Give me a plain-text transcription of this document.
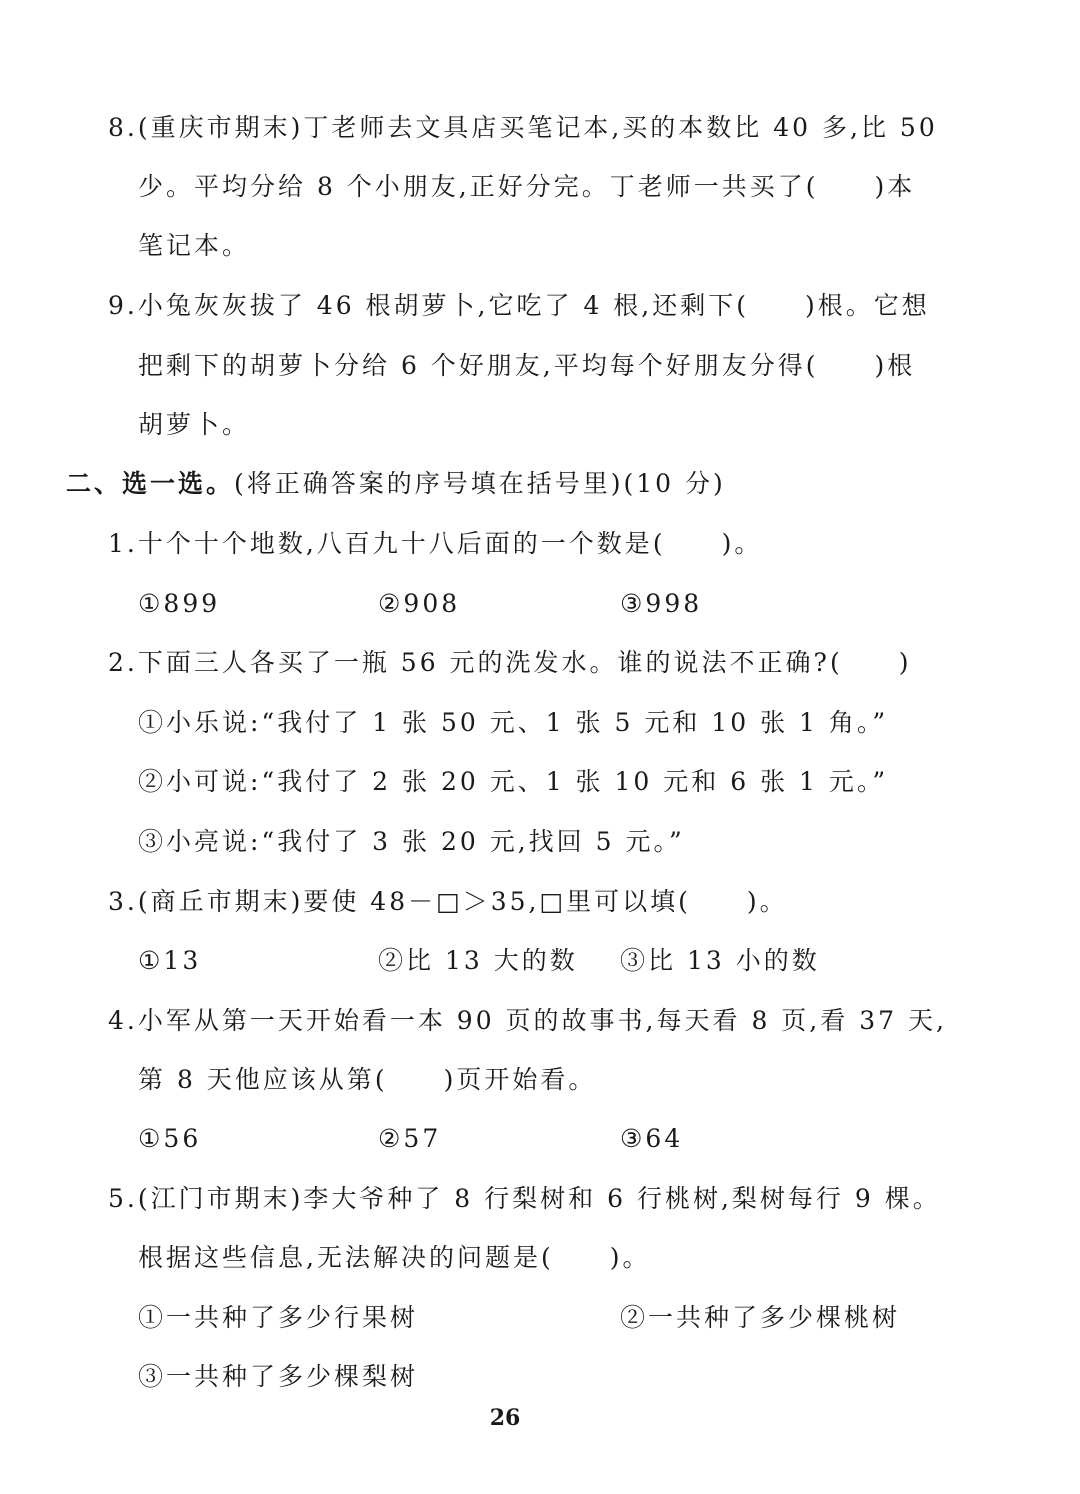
8.(重庆市期末)丁老师去文具店买笔记本,买的本数比 40 多,比 50
少。平均分给 8 个小朋友,正好分完。丁老师一共买了(　　)本
笔记本。
9.小兔灰灰拔了 46 根胡萝卜,它吃了 4 根,还剩下(　　)根。它想
把剩下的胡萝卜分给 6 个好朋友,平均每个好朋友分得(　　)根
胡萝卜。
二、选一选。(将正确答案的序号填在括号里)(10 分)
1.十个十个地数,八百九十八后面的一个数是(　　)。
①899	②908	③998
2.下面三人各买了一瓶 56 元的洗发水。谁的说法不正确?(　　)
①小乐说:“我付了 1 张 50 元、1 张 5 元和 10 张 1 角。”
②小可说:“我付了 2 张 20 元、1 张 10 元和 6 张 1 元。”
③小亮说:“我付了 3 张 20 元,找回 5 元。”
3.(商丘市期末)要使 48－□＞35,□里可以填(　　)。
①13	②比 13 大的数 ③比 13 小的数
4.小军从第一天开始看一本 90 页的故事书,每天看 8 页,看 37 天,
第 8 天他应该从第(　　)页开始看。
①56	②57	③64
5.(江门市期末)李大爷种了 8 行梨树和 6 行桃树,梨树每行 9 棵。
根据这些信息,无法解决的问题是(　　)。
①一共种了多少行果树	②一共种了多少棵桃树
③一共种了多少棵梨树
26
